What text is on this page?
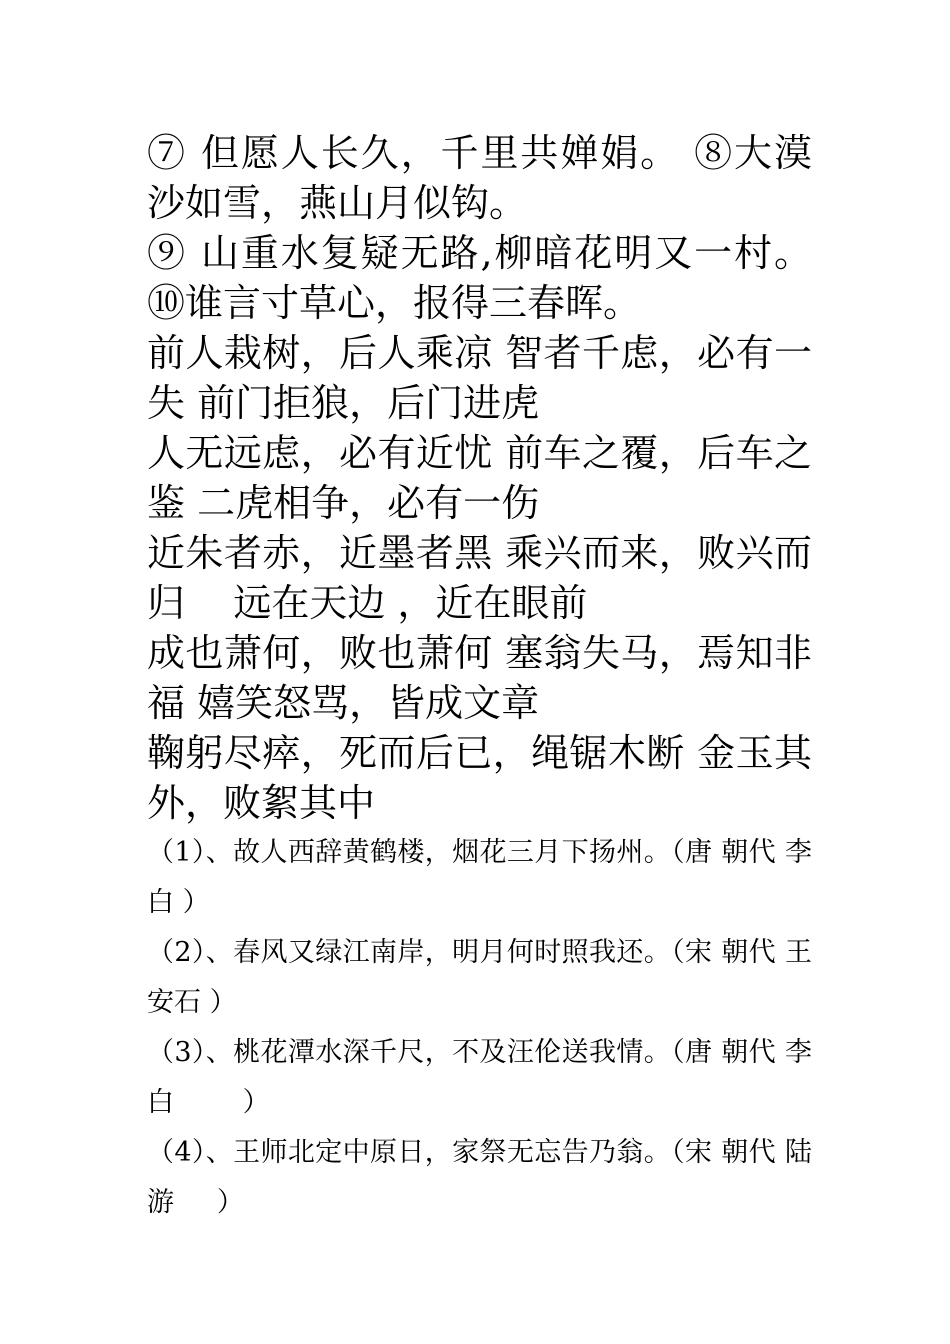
⑦ 但愿人长久，千里共婵娟。 ⑧大漠沙如雪，燕山月似钩。

⑨ 山重水复疑无路,柳暗花明又一村。⑩谁言寸草心，报得三春晖。

前人栽树，后人乘凉 智者千虑，必有一失 前门拒狼，后门进虎

人无远虑，必有近忧 前车之覆，后车之鉴 二虎相争，必有一伤

近朱者赤，近墨者黑 乘兴而来，败兴而归    远在天边 ，近在眼前

成也萧何，败也萧何 塞翁失马，焉知非福 嬉笑怒骂，皆成文章

鞠躬尽瘁，死而后已，绳锯木断 金玉其外，败絮其中

（1）、故人西辞黄鹤楼，烟花三月下扬州。（唐 朝代 李白 ）

（2）、春风又绿江南岸，明月何时照我还。（宋 朝代 王安石 ）

（3）、桃花潭水深千尺，不及汪伦送我情。（唐 朝代 李白        ）

（4）、王师北定中原日，家祭无忘告乃翁。（宋 朝代 陆游     ）
